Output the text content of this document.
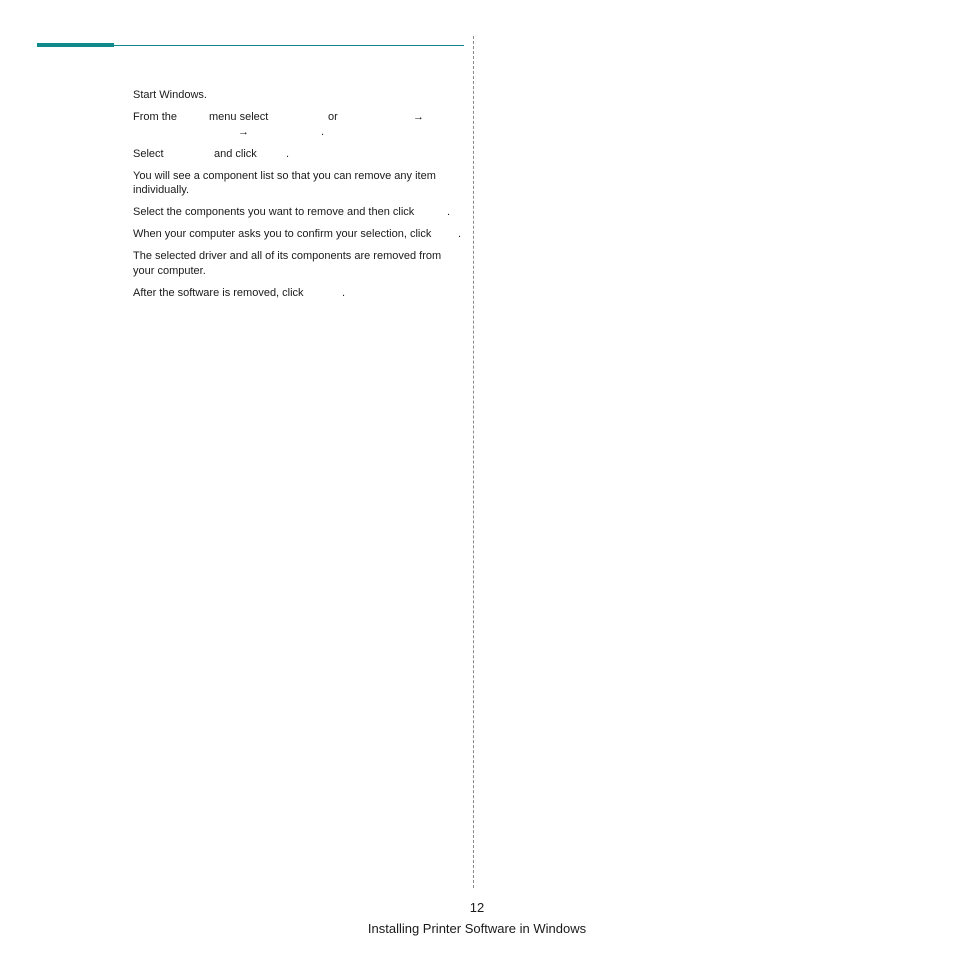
Start Windows.
From the	menu select	or	→
→	.
Select	and click	.
You will see a component list so that you can remove any item individually.
Select the components you want to remove and then click	.
When your computer asks you to confirm your selection, click .
The selected driver and all of its components are removed from your computer.
After the software is removed, click	.
12
Installing Printer Software in Windows
